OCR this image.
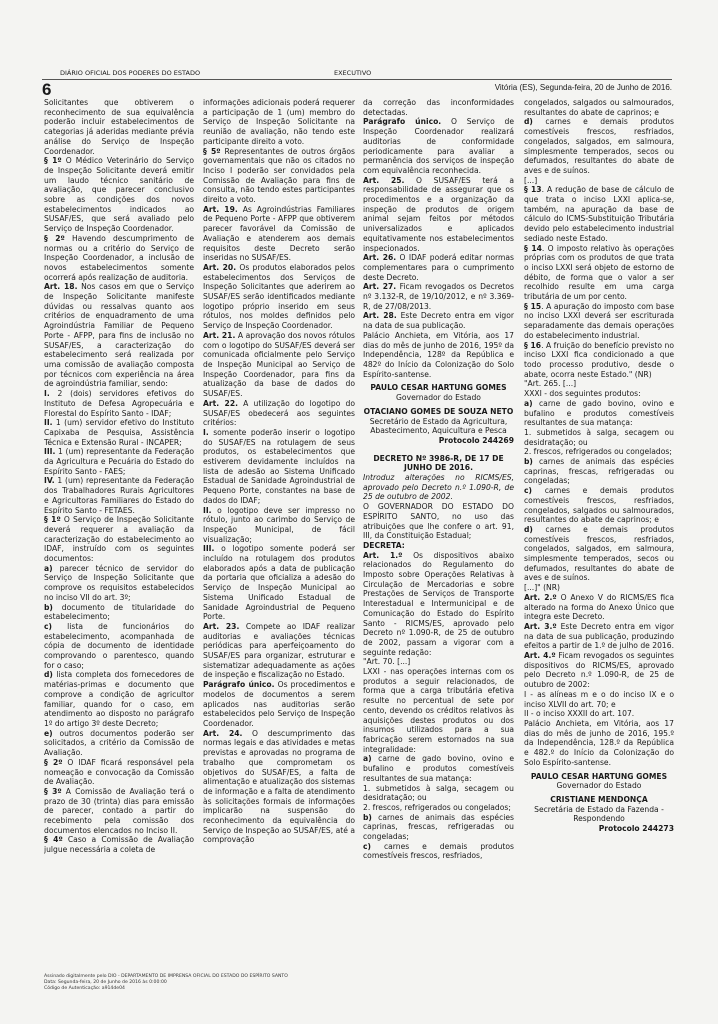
DIÁRIO OFICIAL DOS PODERES DO ESTADO	EXECUTIVO
6	Vitória (ES), Segunda-feira, 20 de Junho de 2016.

Solicitantes que obtiverem o reconhecimento de sua equivalência poderão incluir estabelecimentos de categorias já aderidas mediante prévia análise do Serviço de Inspeção Coordenador.

§ 1º O Médico Veterinário do Serviço de Inspeção Solicitante deverá emitir um laudo técnico sanitário de avaliação, que parecer conclusivo sobre as condições dos novos estabelecimentos indicados ao SUSAF/ES, que será avaliado pelo Serviço de Inspeção Coordenador.

§ 2º Havendo descumprimento de normas ou a critério do Serviço de Inspeção Coordenador, a inclusão de novos estabelecimentos somente ocorrerá após realização de auditoria.

Art. 18. Nos casos em que o Serviço de Inspeção Solicitante manifeste dúvidas ou ressalvas quanto aos critérios de enquadramento de uma Agroindústria Familiar de Pequeno Porte - AFPP, para fins de inclusão no SUSAF/ES, a caracterização do estabelecimento será realizada por uma comissão de avaliação composta por técnicos com experiência na área de agroindústria familiar, sendo:

I. 2 (dois) servidores efetivos do Instituto de Defesa Agropecuária e Florestal do Espírito Santo - IDAF;

II. 1 (um) servidor efetivo do Instituto Capixaba de Pesquisa, Assistência Técnica e Extensão Rural - INCAPER;

III. 1 (um) representante da Federação da Agricultura e Pecuária do Estado do Espírito Santo - FAES;

IV. 1 (um) representante da Federação dos Trabalhadores Rurais Agricultores e Agricultoras Familiares do Estado do Espírito Santo - FETAES.

§ 1º O Serviço de Inspeção Solicitante deverá requerer a avaliação da caracterização do estabelecimento ao IDAF, instruído com os seguintes documentos:

a) parecer técnico de servidor do Serviço de Inspeção Solicitante que comprove os requisitos estabelecidos no inciso VII do art. 3º;

b) documento de titularidade do estabelecimento;

c) lista de funcionários do estabelecimento, acompanhada de cópia de documento de identidade comprovando o parentesco, quando for o caso;

d) lista completa dos fornecedores de matérias-primas e documento que comprove a condição de agricultor familiar, quando for o caso, em atendimento ao disposto no parágrafo 1º do artigo 3º deste Decreto;

e) outros documentos poderão ser solicitados, a critério da Comissão de Avaliação.

§ 2º O IDAF ficará responsável pela nomeação e convocação da Comissão de Avaliação.

§ 3º A Comissão de Avaliação terá o prazo de 30 (trinta) dias para emissão de parecer, contado a partir do recebimento pela comissão dos documentos elencados no Inciso II.

§ 4º Caso a Comissão de Avaliação julgue necessária a coleta de

informações adicionais poderá requerer a participação de 1 (um) membro do Serviço de Inspeção Solicitante na reunião de avaliação, não tendo este participante direito a voto.

§ 5º Representantes de outros órgãos governamentais que não os citados no Inciso I poderão ser convidados pela Comissão de Avaliação para fins de consulta, não tendo estes participantes direito a voto.

Art. 19. As Agroindústrias Familiares de Pequeno Porte - AFPP que obtiverem parecer favorável da Comissão de Avaliação e atenderem aos demais requisitos deste Decreto serão inseridas no SUSAF/ES.

Art. 20. Os produtos elaborados pelos estabelecimentos dos Serviços de Inspeção Solicitantes que aderirem ao SUSAF/ES serão identificados mediante logotipo próprio inserido em seus rótulos, nos moldes definidos pelo Serviço de Inspeção Coordenador.

Art. 21. A aprovação dos novos rótulos com o logotipo do SUSAF/ES deverá ser comunicada oficialmente pelo Serviço de Inspeção Municipal ao Serviço de Inspeção Coordenador, para fins da atualização da base de dados do SUSAF/ES.

Art. 22. A utilização do logotipo do SUSAF/ES obedecerá aos seguintes critérios:

I. somente poderão inserir o logotipo do SUSAF/ES na rotulagem de seus produtos, os estabelecimentos que estiverem devidamente incluídos na lista de adesão ao Sistema Unificado Estadual de Sanidade Agroindustrial de Pequeno Porte, constantes na base de dados do IDAF;

II. o logotipo deve ser impresso no rótulo, junto ao carimbo do Serviço de Inspeção Municipal, de fácil visualização;

III. o logotipo somente poderá ser incluído na rotulagem dos produtos elaborados após a data de publicação da portaria que oficializa a adesão do Serviço de Inspeção Municipal ao Sistema Unificado Estadual de Sanidade Agroindustrial de Pequeno Porte.

Art. 23. Compete ao IDAF realizar auditorias e avaliações técnicas periódicas para aperfeiçoamento do SUSAF/ES para organizar, estruturar e sistematizar adequadamente as ações de inspeção e fiscalização no Estado.

Parágrafo único. Os procedimentos e modelos de documentos a serem aplicados nas auditorias serão estabelecidos pelo Serviço de Inspeção Coordenador.

Art. 24. O descumprimento das normas legais e das atividades e metas previstas e aprovadas no programa de trabalho que comprometam os objetivos do SUSAF/ES, a falta de alimentação e atualização dos sistemas de informação e a falta de atendimento às solicitações formais de informações implicarão na suspensão do reconhecimento da equivalência do Serviço de Inspeção ao SUSAF/ES, até a comprovação

da correção das inconformidades detectadas.

Parágrafo único. O Serviço de Inspeção Coordenador realizará auditorias de conformidade periodicamente para avaliar a permanência dos serviços de inspeção com equivalência reconhecida.

Art. 25. O SUSAF/ES terá a responsabilidade de assegurar que os procedimentos e a organização da inspeção de produtos de origem animal sejam feitos por métodos universalizados e aplicados equitativamente nos estabelecimentos inspecionados.

Art. 26. O IDAF poderá editar normas complementares para o cumprimento deste Decreto.

Art. 27. Ficam revogados os Decretos nº 3.132-R, de 19/10/2012, e nº 3.369-R, de 27/08/2013.

Art. 28. Este Decreto entra em vigor na data de sua publicação.

Palácio Anchieta, em Vitória, aos 17 dias do mês de junho de 2016, 195º da Independência, 128º da República e 482º do Início da Colonização do Solo Espírito-santense.

PAULO CESAR HARTUNG GOMES

Governador do Estado

OTACIANO GOMES DE SOUZA NETO

Secretário de Estado da Agricultura, Abastecimento, Aquicultura e Pesca

Protocolo 244269

DECRETO Nº 3986-R, DE 17 DE JUNHO DE 2016.

Introduz alterações no RICMS/ES, aprovado pelo Decreto n.º 1.090-R, de 25 de outubro de 2002.

O GOVERNADOR DO ESTADO DO ESPÍRITO SANTO, no uso das atribuições que lhe confere o art. 91, III, da Constituição Estadual;

DECRETA:

Art. 1.º Os dispositivos abaixo relacionados do Regulamento do Imposto sobre Operações Relativas à Circulação de Mercadorias e sobre Prestações de Serviços de Transporte Interestadual e Intermunicipal e de Comunicação do Estado do Espírito Santo - RICMS/ES, aprovado pelo Decreto nº 1.090-R, de 25 de outubro de 2002, passam a vigorar com a seguinte redação:

"Art. 70. [...]

LXXI - nas operações internas com os produtos a seguir relacionados, de forma que a carga tributária efetiva resulte no percentual de sete por cento, devendo os créditos relativos às aquisições destes produtos ou dos insumos utilizados para a sua fabricação serem estornados na sua integralidade:

a) carne de gado bovino, ovino e bufalino e produtos comestíveis resultantes de sua matança:

1. submetidos à salga, secagem ou desidratação; ou

2. frescos, refrigerados ou congelados;

b) carnes de animais das espécies caprinas, frescas, refrigeradas ou congeladas;

c) carnes e demais produtos comestíveis frescos, resfriados,

congelados, salgados ou salmourados, resultantes do abate de caprinos; e

d) carnes e demais produtos comestíveis frescos, resfriados, congelados, salgados, em salmoura, simplesmente temperados, secos ou defumados, resultantes do abate de aves e de suínos.

[...]

§ 13. A redução de base de cálculo de que trata o inciso LXXI aplica-se, também, na apuração da base de cálculo do ICMS-Substituição Tributária devido pelo estabelecimento industrial sediado neste Estado.

§ 14. O imposto relativo às operações próprias com os produtos de que trata o inciso LXXI será objeto de estorno de débito, de forma que o valor a ser recolhido resulte em uma carga tributária de um por cento.

§ 15. A apuração do imposto com base no inciso LXXI deverá ser escriturada separadamente das demais operações do estabelecimento industrial.

§ 16. A fruição do benefício previsto no inciso LXXI fica condicionado a que todo processo produtivo, desde o abate, ocorra neste Estado." (NR)

"Art. 265. [...]

XXXI - dos seguintes produtos:

a) carne de gado bovino, ovino e bufalino e produtos comestíveis resultantes de sua matança:

1. submetidos à salga, secagem ou desidratação; ou

2. frescos, refrigerados ou congelados;

b) carnes de animais das espécies caprinas, frescas, refrigeradas ou congeladas;

c) carnes e demais produtos comestíveis frescos, resfriados, congelados, salgados ou salmourados, resultantes do abate de caprinos; e

d) carnes e demais produtos comestíveis frescos, resfriados, congelados, salgados, em salmoura, simplesmente temperados, secos ou defumados, resultantes do abate de aves e de suínos.

[...]" (NR)

Art. 2.º O Anexo V do RICMS/ES fica alterado na forma do Anexo Único que integra este Decreto.

Art. 3.º Este Decreto entra em vigor na data de sua publicação, produzindo efeitos a partir de 1.º de julho de 2016.

Art. 4.º Ficam revogados os seguintes dispositivos do RICMS/ES, aprovado pelo Decreto n.º 1.090-R, de 25 de outubro de 2002:

I - as alíneas m e o do inciso IX e o inciso XLVII do art. 70; e

II - o inciso XXXII do art. 107.

Palácio Anchieta, em Vitória, aos 17 dias do mês de junho de 2016, 195.º da Independência, 128.º da República e 482.º do Início da Colonização do Solo Espírito-santense.

PAULO CESAR HARTUNG GOMES

Governador do Estado

CRISTIANE MENDONÇA

Secretária de Estado da Fazenda - Respondendo

Protocolo 244273

Assinado digitalmente pelo DIO - DEPARTAMENTO DE IMPRENSA OFICIAL DO ESTADO DO ESPÍRITO SANTO
Data: Segunda-feira, 20 de Junho de 2016 às 0:00:00
Código de Autenticação: a914de04
